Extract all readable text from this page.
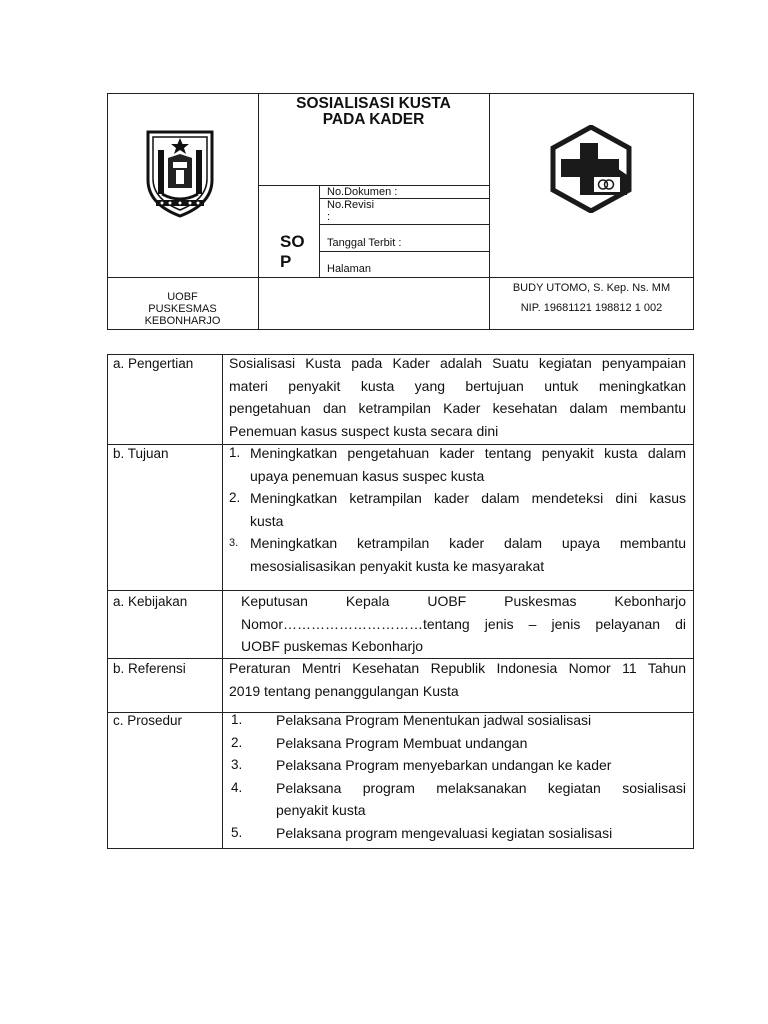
SOSIALISASI KUSTA
PADA KADER
SO
P
No.Dokumen :
No.Revisi
:
Tanggal Terbit :
Halaman
UOBF
PUSKESMAS
KEBONHARJO
BUDY UTOMO, S. Kep. Ns. MM
NIP. 19681121 198812 1 002
a. Pengertian	Sosialisasi Kusta pada Kader adalah Suatu kegiatan penyampaian
materi penyakit kusta yang bertujuan untuk meningkatkan
pengetahuan dan ketrampilan Kader kesehatan dalam membantu
Penemuan kasus suspect kusta secara dini
b. Tujuan	1. Meningkatkan pengetahuan kader tentang penyakit kusta dalam
upaya penemuan kasus suspec kusta
2. Meningkatkan ketrampilan kader dalam mendeteksi dini kasus
kusta
3. Meningkatkan ketrampilan kader dalam upaya membantu
mesosialisasikan penyakit kusta ke masyarakat
a. Kebijakan	Keputusan Kepala UOBF Puskesmas Kebonharjo
Nomor…………………………tentang jenis – jenis pelayanan di
UOBF puskemas Kebonharjo
b. Referensi	Peraturan Mentri Kesehatan Republik Indonesia Nomor 11 Tahun
2019 tentang penanggulangan Kusta
c. Prosedur	1. Pelaksana Program Menentukan jadwal sosialisasi
2. Pelaksana Program Membuat undangan
3. Pelaksana Program menyebarkan undangan ke kader
4. Pelaksana program melaksanakan kegiatan sosialisasi
penyakit kusta
5. Pelaksana program mengevaluasi kegiatan sosialisasi
